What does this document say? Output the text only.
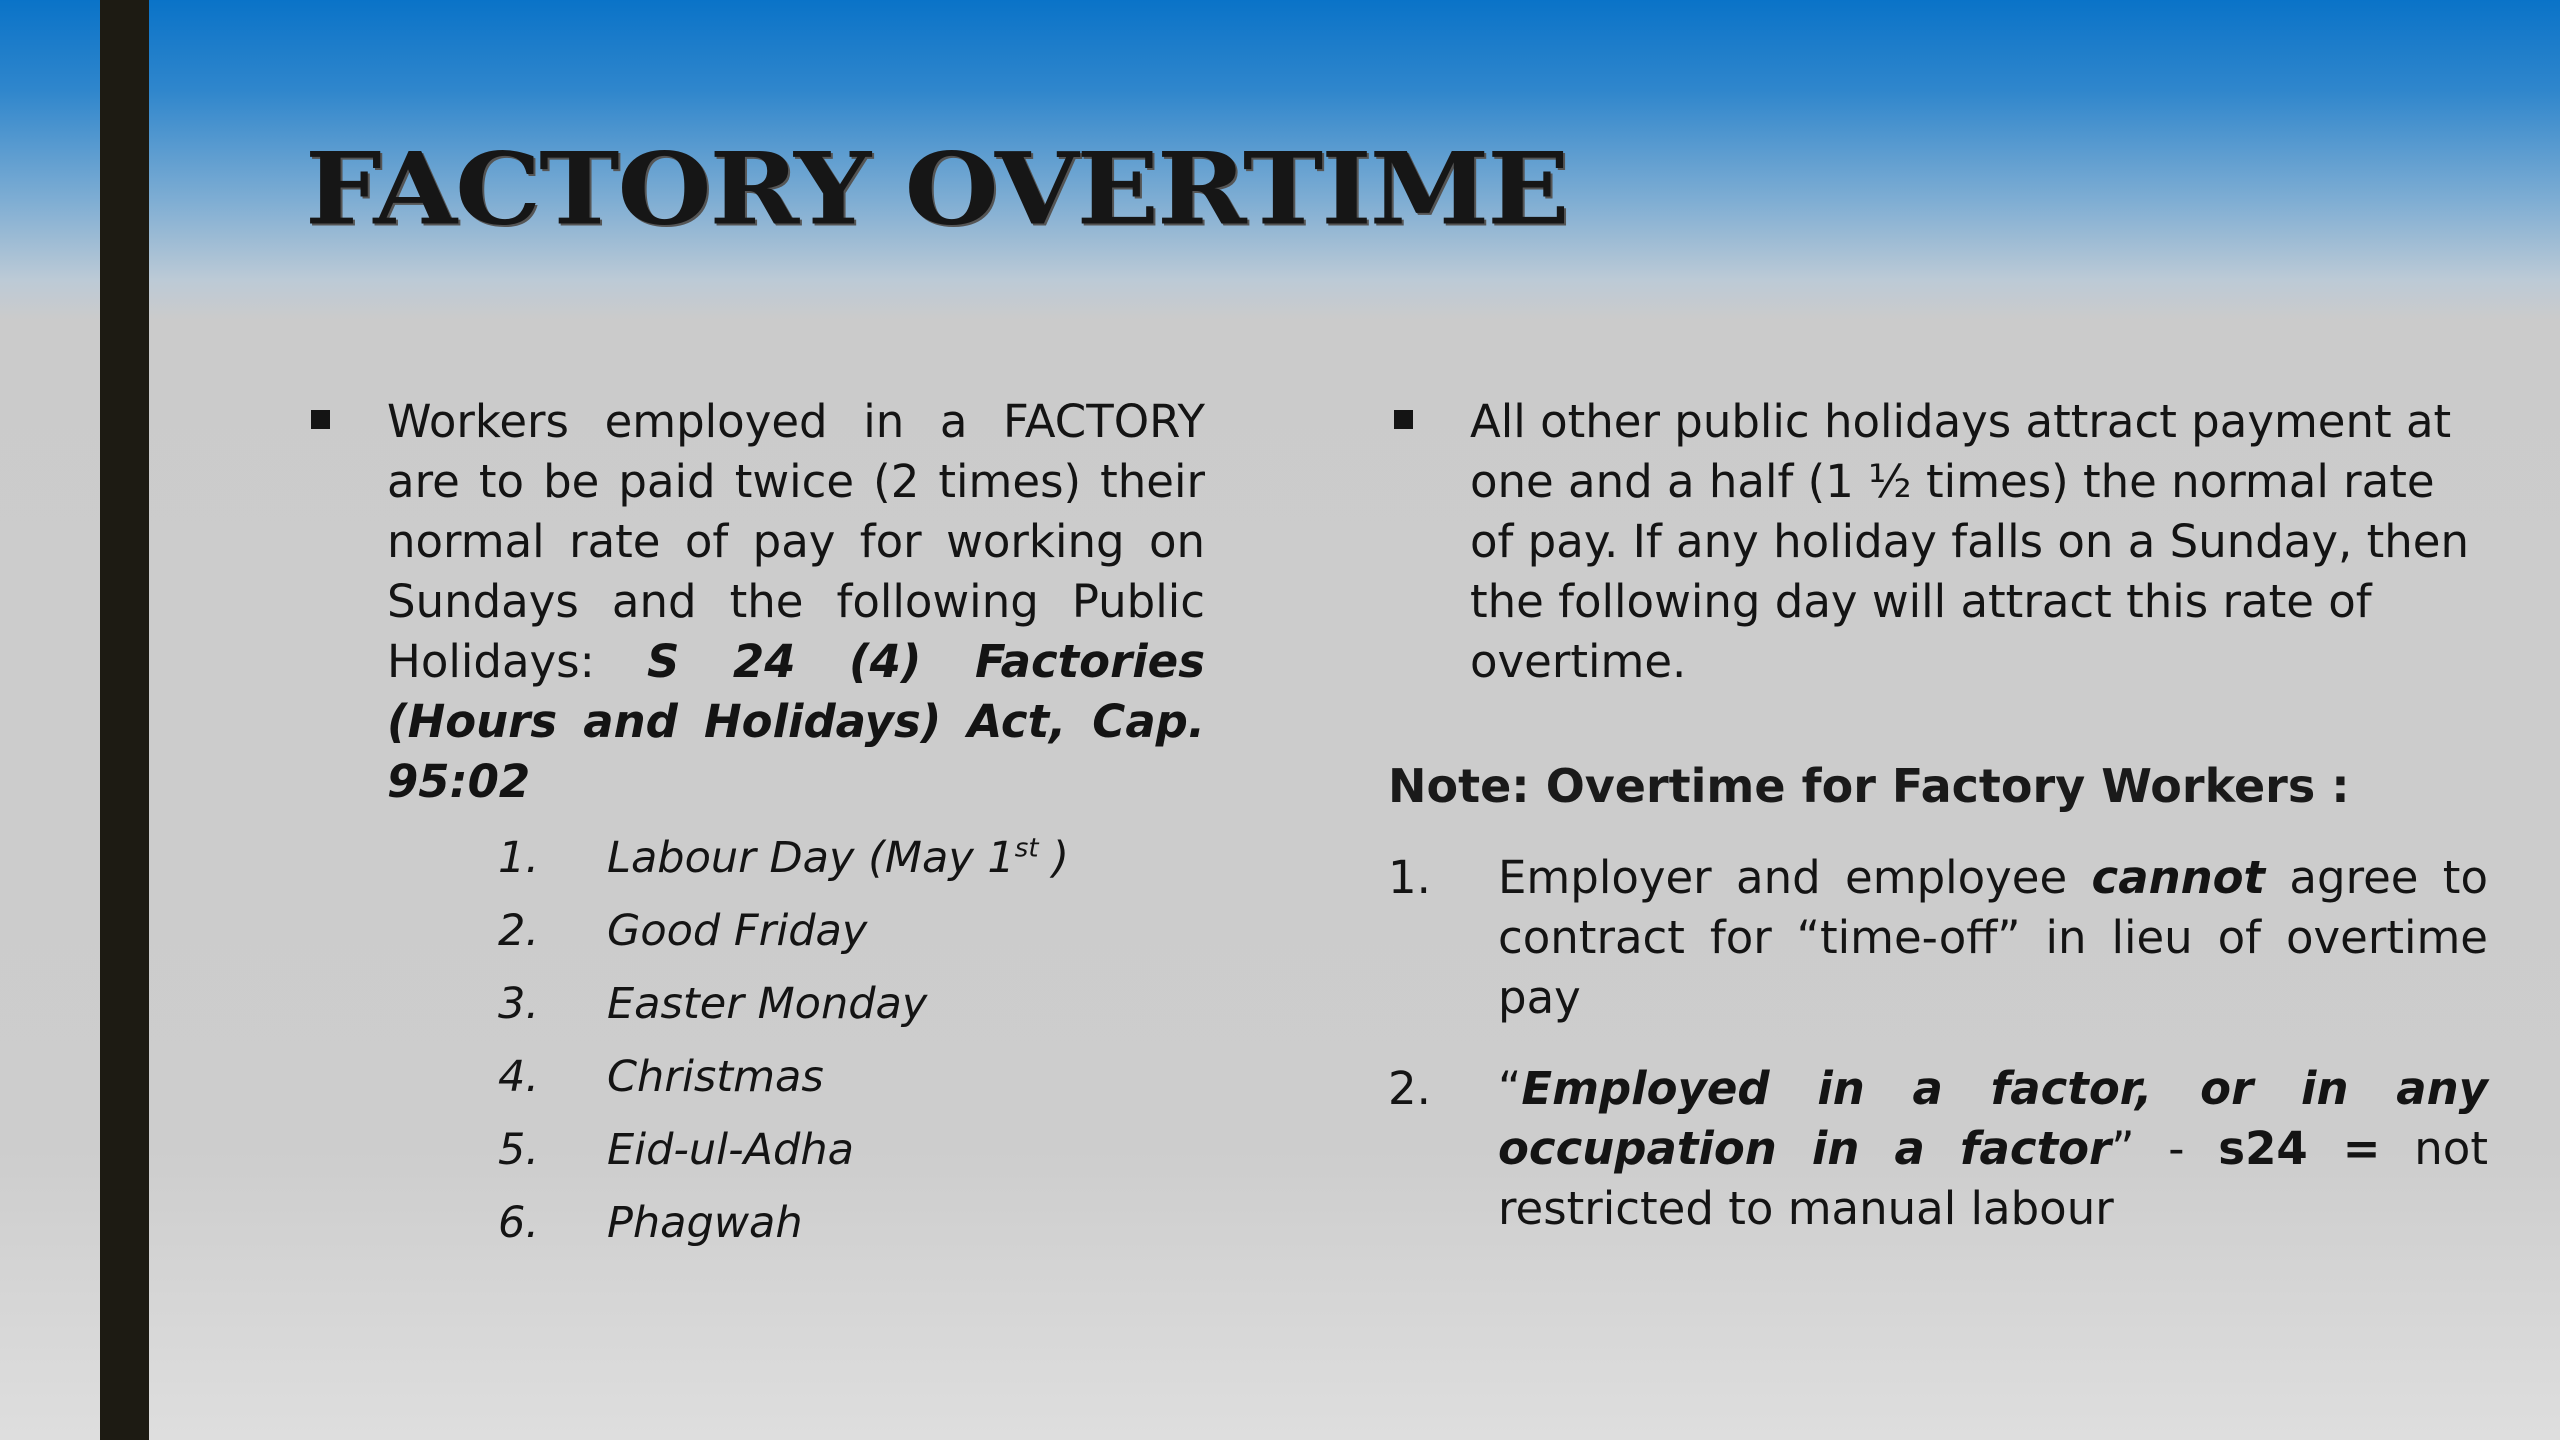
FACTORY OVERTIME
Workers employed in a FACTORY are to be paid twice (2 times) their normal rate of pay for working on Sundays and the following Public Holidays: S 24 (4) Factories (Hours and Holidays) Act, Cap. 95:02
1.	Labour Day (May 1st )
2.	Good Friday
3.	Easter Monday
4.	Christmas
5.	Eid-ul-Adha
6.	Phagwah

All other public holidays attract payment at one and a half (1 ½ times) the normal rate of pay. If any holiday falls on a Sunday, then the following day will attract this rate of overtime.

Note: Overtime for Factory Workers :
1. Employer and employee cannot agree to contract for “time-off” in lieu of overtime pay
2. “Employed in a factor, or in any occupation in a factor” - s24 = not restricted to manual labour
